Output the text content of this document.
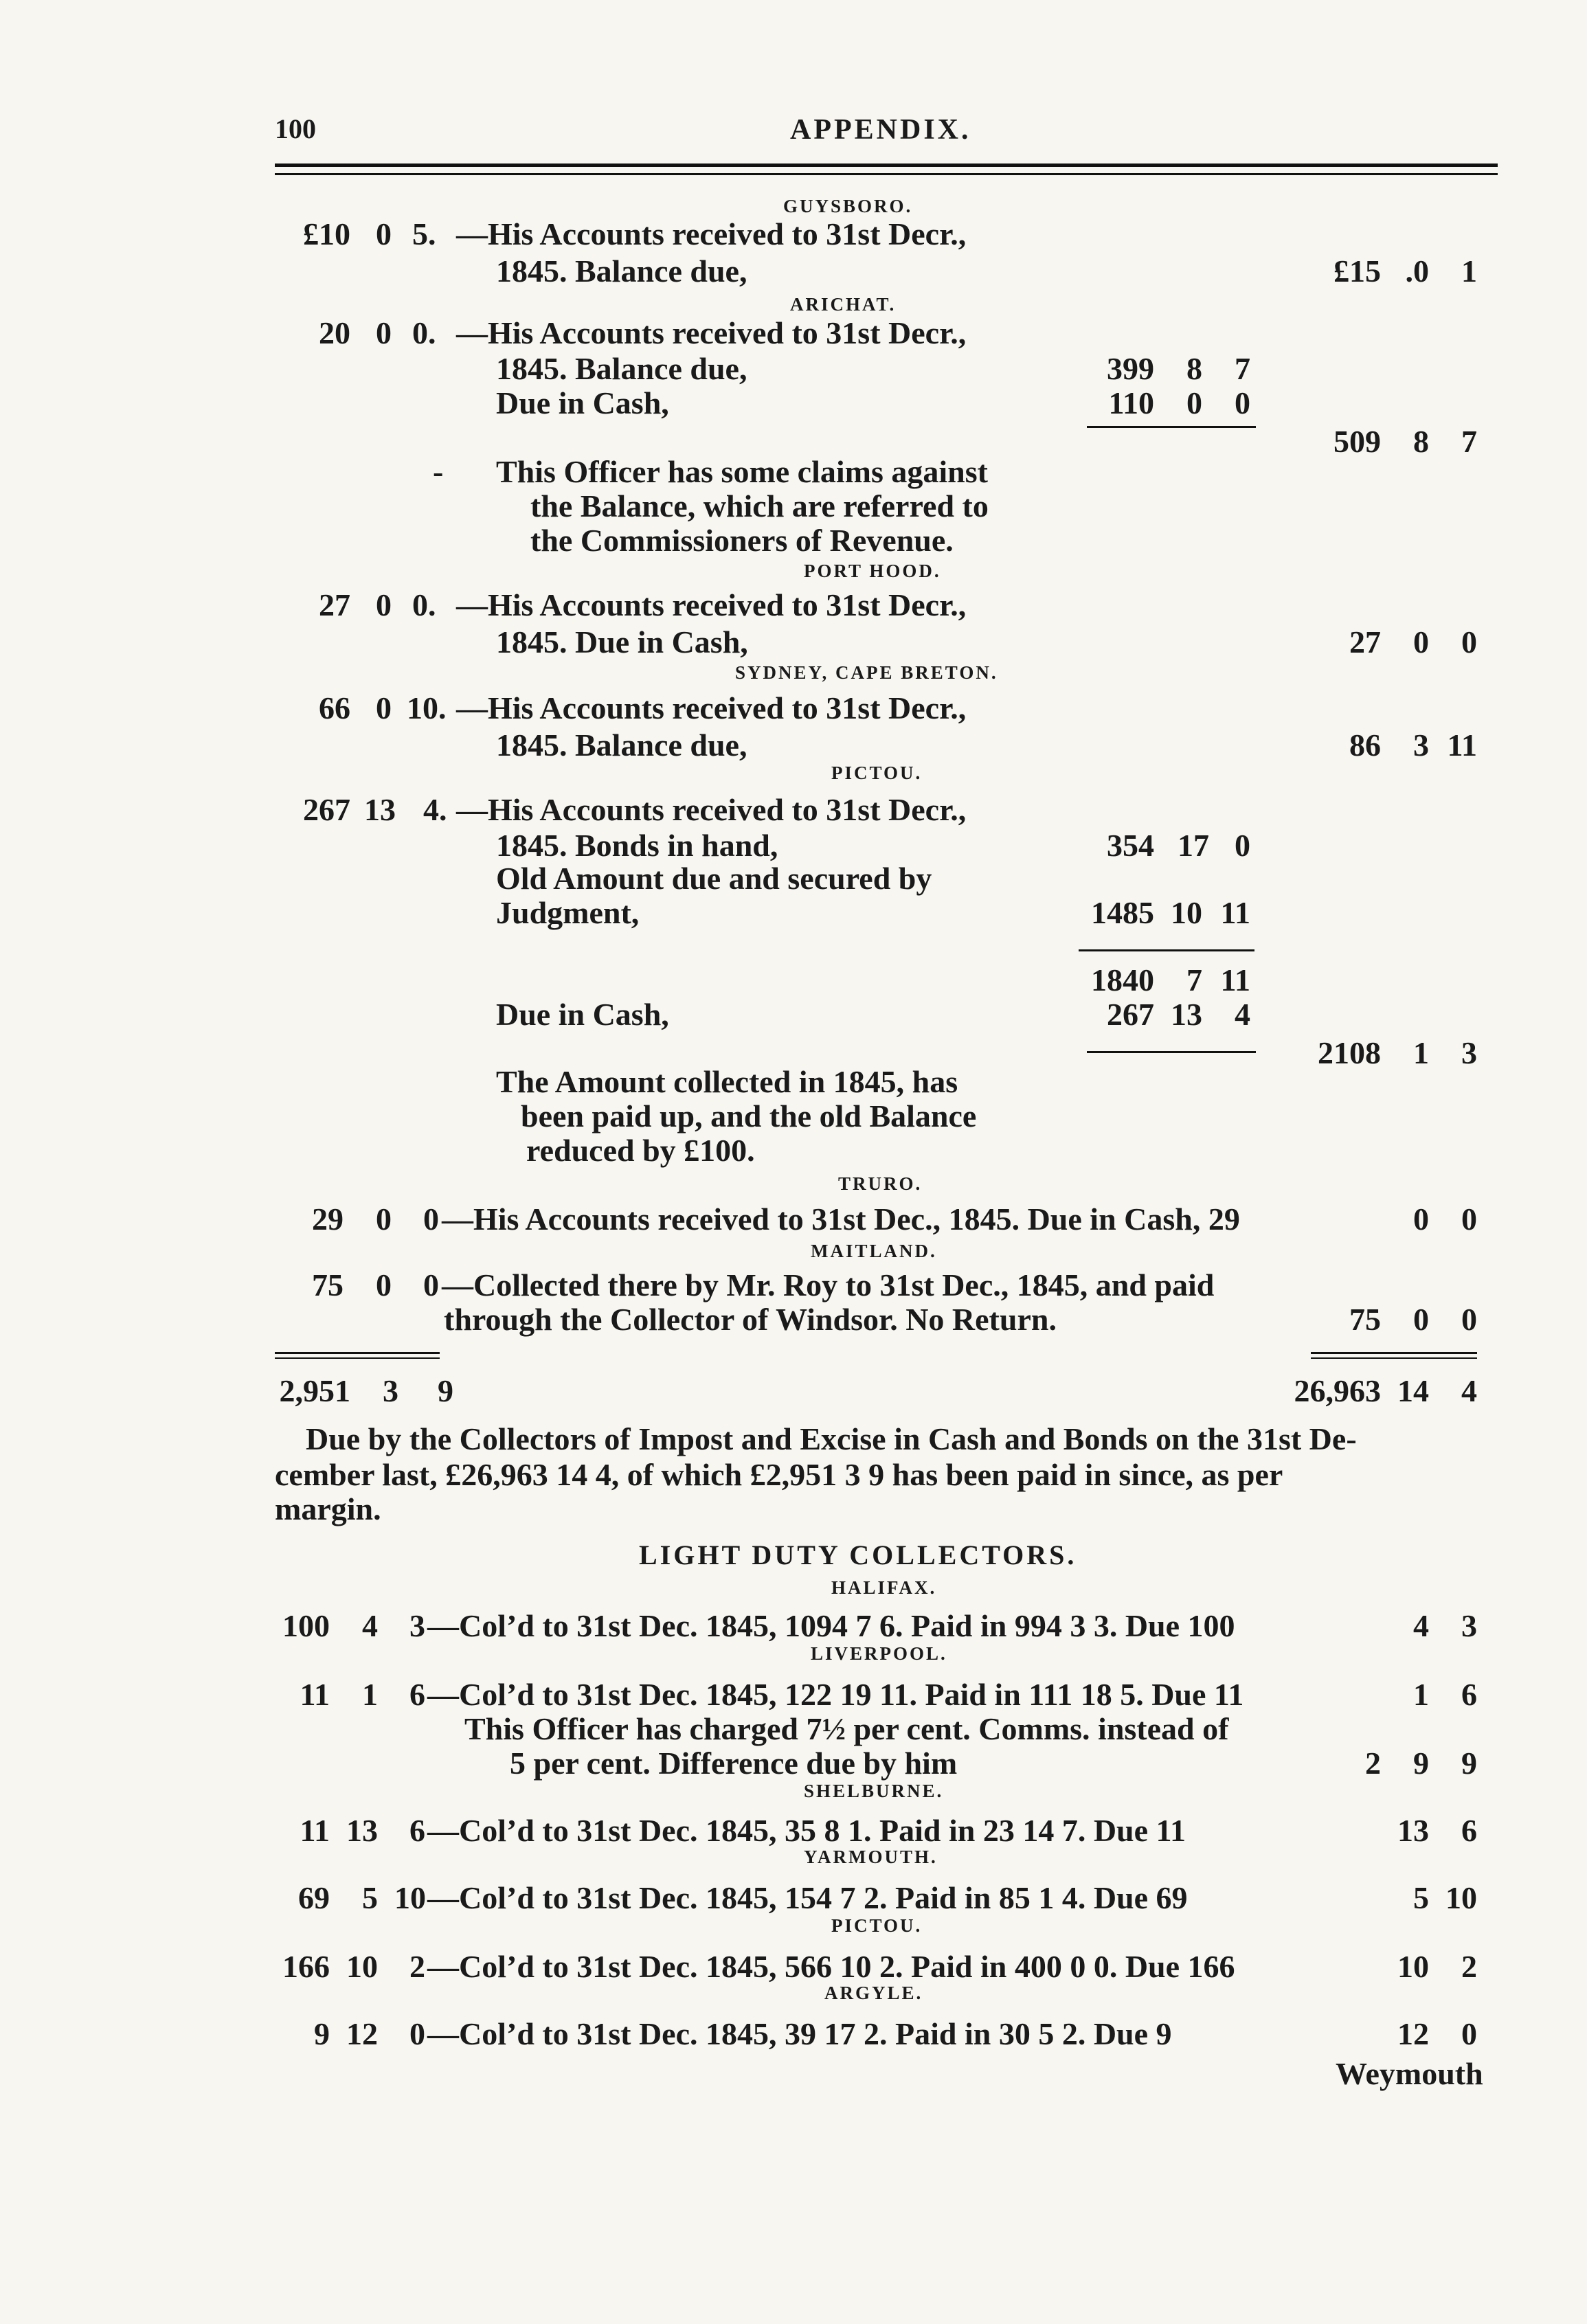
100	APPENDIX.
GUYSBORO.
£10 0 5. —His Accounts received to 31st Decr.,
1845. Balance due,	£15 .0	1
ARICHAT.
20 0 0. —His Accounts received to 31st Decr.,
1845. Balance due,	399	8	7
Due in Cash,	110	0	0
509	8	7
- This Officer has some claims against
the Balance, which are referred to
the Commissioners of Revenue.
PORT HOOD.
27 0 0. —His Accounts received to 31st Decr.,
1845. Due in Cash,	27	0	0
SYDNEY, CAPE BRETON.
66 0 10. —His Accounts received to 31st Decr.,
1845. Balance due,	86	3 11
PICTOU.
267 13 4. —His Accounts received to 31st Decr.,
1845. Bonds in hand,	354 17 0
Old Amount due and secured by
Judgment,	1485 10 11
1840	7 11
Due in Cash,	267 13	4
2108	1	3
The Amount collected in 1845, has
been paid up, and the old Balance
reduced by £100.
TRURO.
29	0 0 —His Accounts received to 31st Dec., 1845. Due in Cash, 29	0	0
MAITLAND.
75	0 0 —Collected there by Mr. Roy to 31st Dec., 1845, and paid
through the Collector of Windsor. No Return.	75	0	0
2,951	3	9	26,963 14	4
Due by the Collectors of Impost and Excise in Cash and Bonds on the 31st De-
cember last, £26,963 14 4, of which £2,951 3 9 has been paid in since, as per
margin.
LIGHT DUTY COLLECTORS.
HALIFAX.
100 4 3 —Col’d to 31st Dec. 1845, 1094 7 6. Paid in 994 3 3. Due 100	4	3
LIVERPOOL.
11 1 6 —Col’d to 31st Dec. 1845, 122 19 11. Paid in 111 18 5. Due 11	1	6
This Officer has charged 7½ per cent. Comms. instead of
5 per cent. Difference due by him	2	9	9
SHELBURNE.
11 13 6 —Col’d to 31st Dec. 1845, 35 8 1. Paid in 23 14 7. Due 11	13	6
YARMOUTH.
69 5 10 —Col’d to 31st Dec. 1845, 154 7 2. Paid in 85 1 4. Due 69	5 10
PICTOU.
166 10 2 —Col’d to 31st Dec. 1845, 566 10 2. Paid in 400 0 0. Due 166	10	2
ARGYLE.
9 12 0 —Col’d to 31st Dec. 1845, 39 17 2. Paid in 30 5 2. Due 9	12	0
Weymouth
